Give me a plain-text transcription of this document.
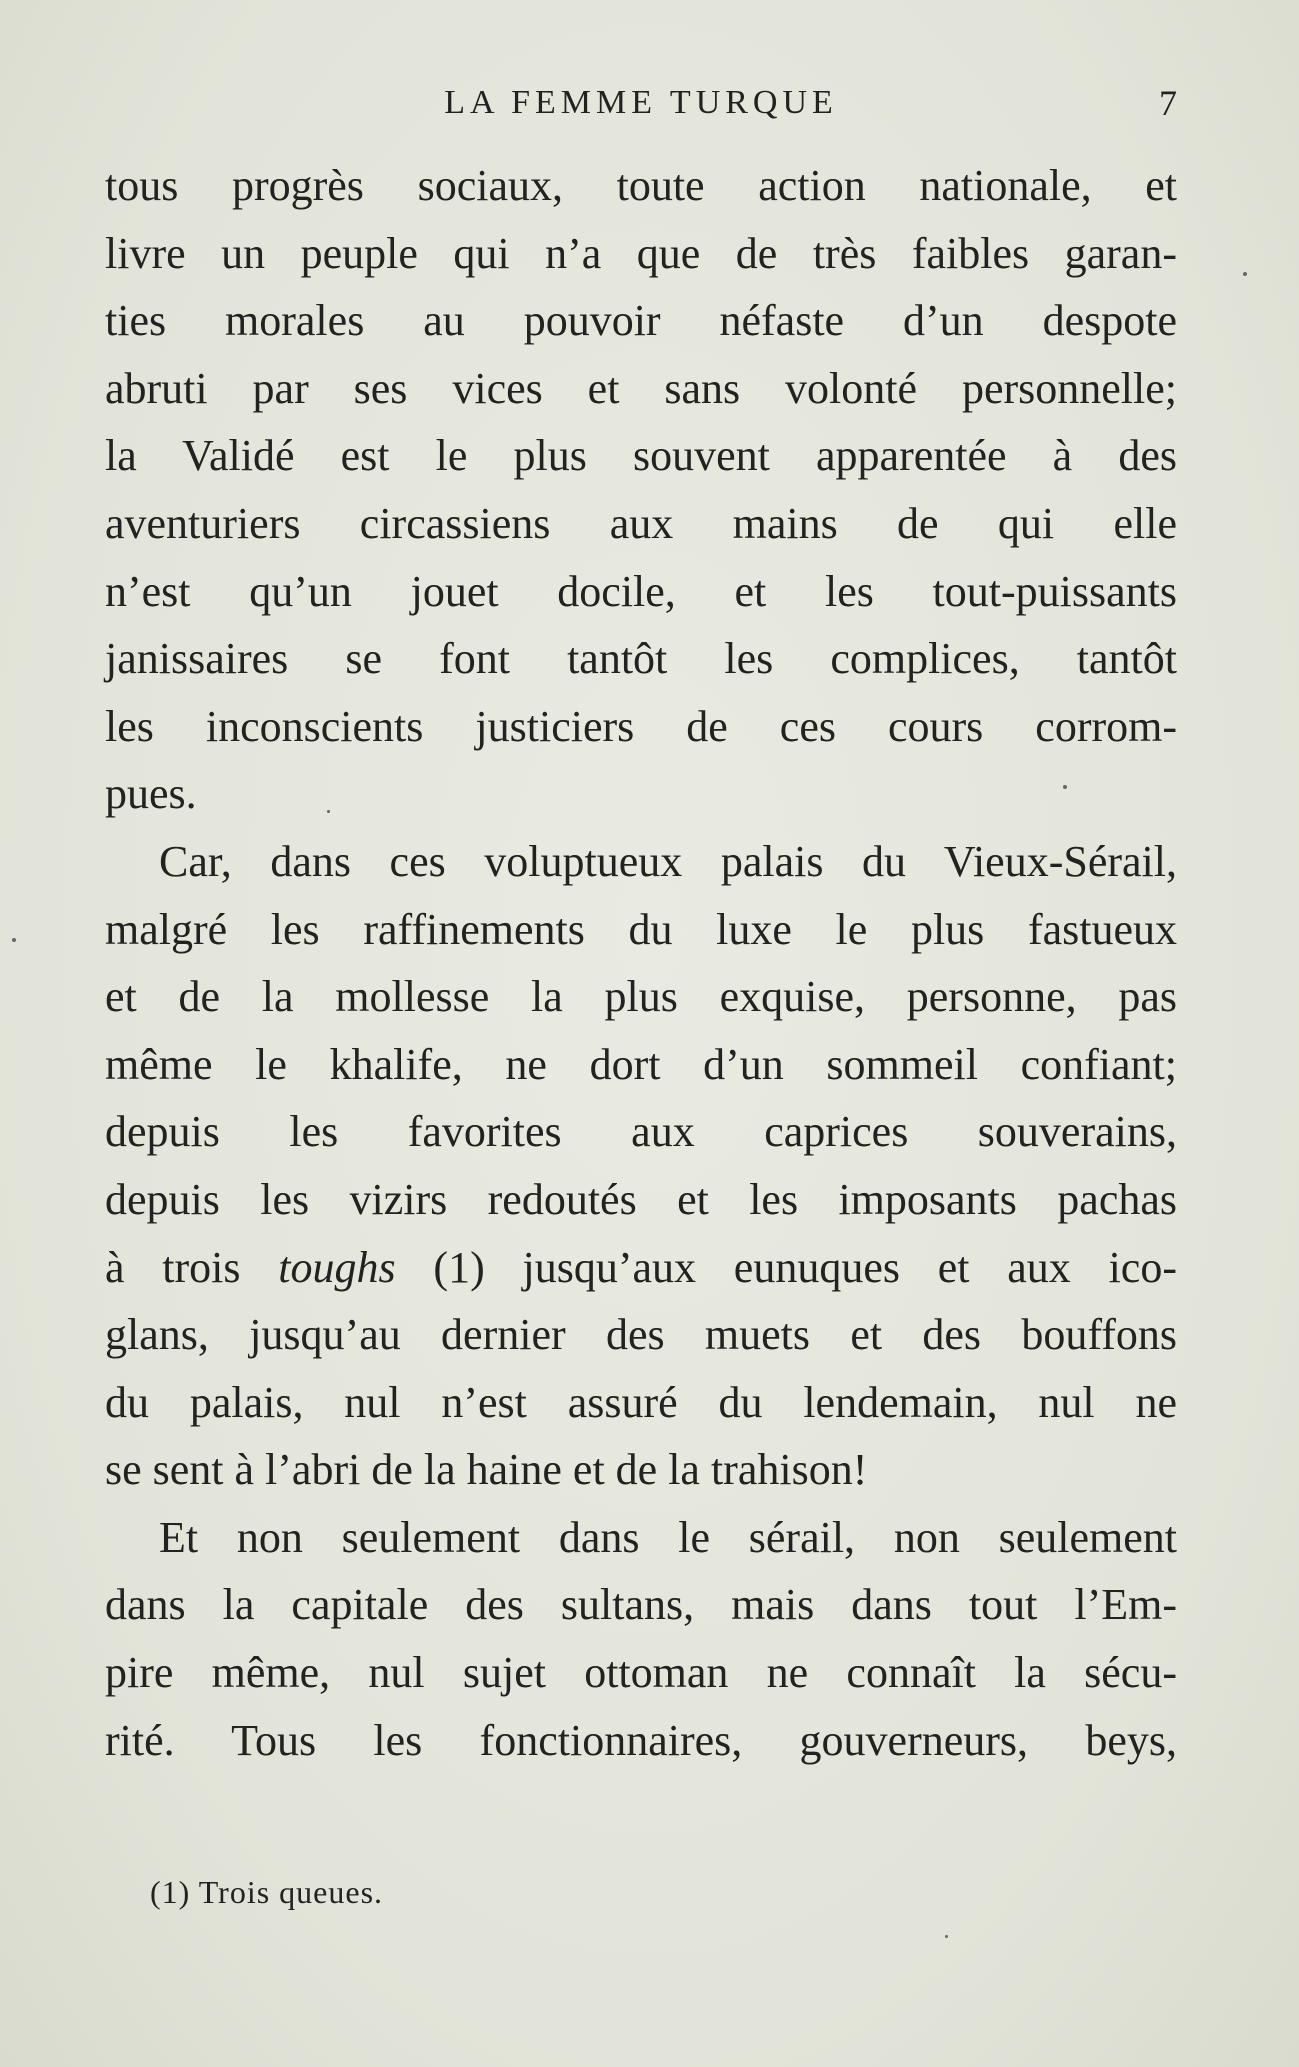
LA FEMME TURQUE	7
tous progrès sociaux, toute action nationale, et
livre un peuple qui n’a que de très faibles garan-
ties morales au pouvoir néfaste d’un despote
abruti par ses vices et sans volonté personnelle;
la Validé est le plus souvent apparentée à des
aventuriers circassiens aux mains de qui elle
n’est qu’un jouet docile, et les tout-puissants
janissaires se font tantôt les complices, tantôt
les inconscients justiciers de ces cours corrom-
pues.
Car, dans ces voluptueux palais du Vieux-Sérail,
malgré les raffinements du luxe le plus fastueux
et de la mollesse la plus exquise, personne, pas
même le khalife, ne dort d’un sommeil confiant;
depuis les favorites aux caprices souverains,
depuis les vizirs redoutés et les imposants pachas
à trois toughs (1) jusqu’aux eunuques et aux ico-
glans, jusqu’au dernier des muets et des bouffons
du palais, nul n’est assuré du lendemain, nul ne
se sent à l’abri de la haine et de la trahison!
Et non seulement dans le sérail, non seulement
dans la capitale des sultans, mais dans tout l’Em-
pire même, nul sujet ottoman ne connaît la sécu-
rité. Tous les fonctionnaires, gouverneurs, beys,
(1) Trois queues.
